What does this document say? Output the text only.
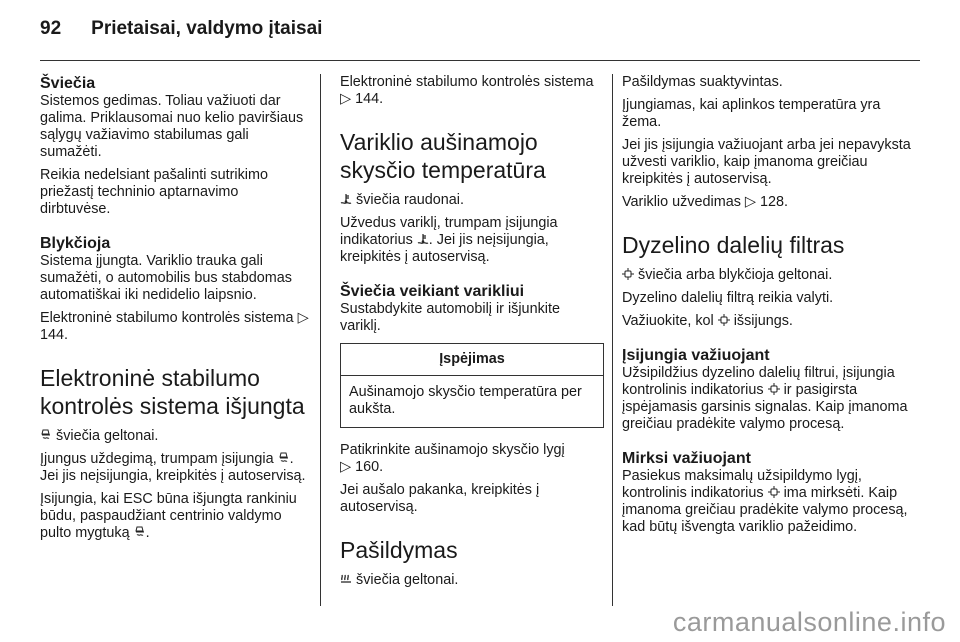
92 Prietaisai, valdymo įtaisai
Šviečia

Sistemos gedimas. Toliau važiuoti dar galima. Priklausomai nuo kelio paviršiaus sąlygų važiavimo stabilumas gali sumažėti.

Reikia nedelsiant pašalinti sutrikimo priežastį techninio aptarnavimo dirbtuvėse.

Blykčioja

Sistema įjungta. Variklio trauka gali sumažėti, o automobilis bus stabdomas automatiškai iki nedidelio laipsnio.

Elektroninė stabilumo kontrolės sistema ▷ 144.

Elektroninė stabilumo kontrolės sistema išjungta

šviečia geltonai.

Įjungus uždegimą, trumpam įsijungia . Jei jis neįsijungia, kreipkitės į autoservisą.

Įsijungia, kai ESC būna išjungta rankiniu būdu, paspaudžiant centrinio valdymo pulto mygtuką .

Elektroninė stabilumo kontrolės sistema ▷ 144.

Variklio aušinamojo skysčio temperatūra

šviečia raudonai.

Užvedus variklį, trumpam įsijungia indikatorius . Jei jis neįsijungia, kreipkitės į autoservisą.

Šviečia veikiant varikliui

Sustabdykite automobilį ir išjunkite variklį.

Įspėjimas
Aušinamojo skysčio temperatūra per aukšta.

Patikrinkite aušinamojo skysčio lygį
▷ 160.

Jei aušalo pakanka, kreipkitės į autoservisą.

Pašildymas

šviečia geltonai.

Pašildymas suaktyvintas.

Įjungiamas, kai aplinkos temperatūra yra žema.

Jei jis įsijungia važiuojant arba jei nepavyksta užvesti variklio, kaip įmanoma greičiau kreipkitės į autoservisą.

Variklio užvedimas ▷ 128.

Dyzelino dalelių filtras

šviečia arba blykčioja geltonai.

Dyzelino dalelių filtrą reikia valyti.

Važiuokite, kol  išsijungs.

Įsijungia važiuojant

Užsipildžius dyzelino dalelių filtrui, įsijungia kontrolinis indikatorius  ir pasigirsta įspėjamasis garsinis signalas. Kaip įmanoma greičiau pradėkite valymo procesą.

Mirksi važiuojant

Pasiekus maksimalų užsipildymo lygį, kontrolinis indikatorius  ima mirksėti. Kaip įmanoma greičiau pradėkite valymo procesą, kad būtų išvengta variklio pažeidimo.

carmanualsonline.info
